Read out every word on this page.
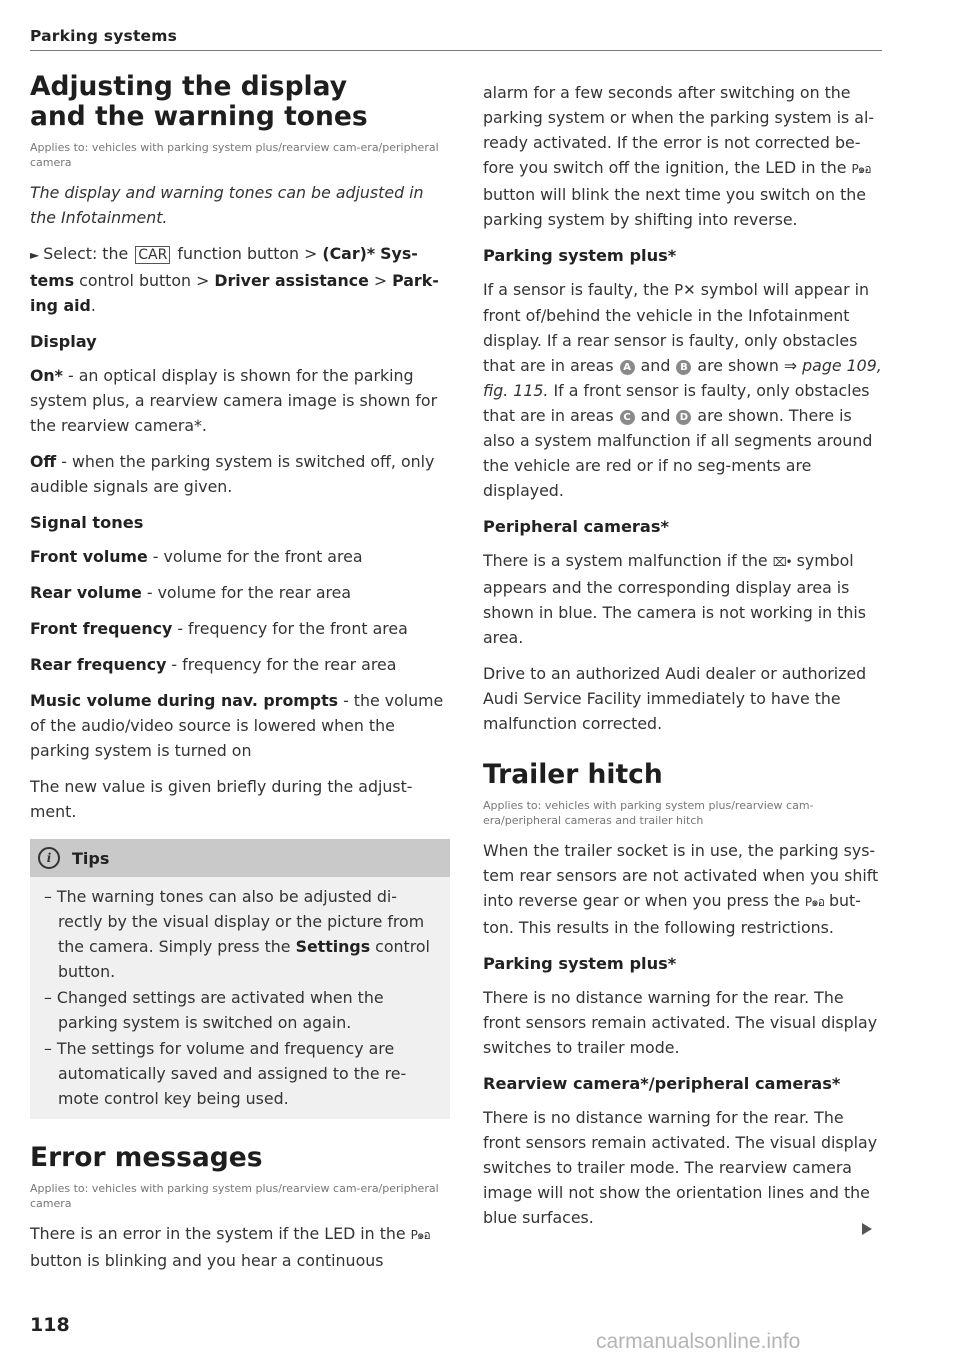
Parking systems
Adjusting the display
and the warning tones
Applies to: vehicles with parking system plus/rearview cam-era/peripheral camera

The display and warning tones can be adjusted in the Infotainment.

► Select: the CAR function button > (Car)* Sys-tems control button > Driver assistance > Park-ing aid.

Display

On* - an optical display is shown for the parking system plus, a rearview camera image is shown for the rearview camera*.

Off - when the parking system is switched off, only audible signals are given.

Signal tones

Front volume - volume for the front area

Rear volume - volume for the rear area

Front frequency - frequency for the front area

Rear frequency - frequency for the rear area

Music volume during nav. prompts - the volume of the audio/video source is lowered when the parking system is turned on

The new value is given briefly during the adjust-ment.

i	Tips
– The warning tones can also be adjusted di-rectly by the visual display or the picture from the camera. Simply press the Settings control button.
– Changed settings are activated when the parking system is switched on again.
– The settings for volume and frequency are automatically saved and assigned to the re-mote control key being used.
Error messages
Applies to: vehicles with parking system plus/rearview cam-era/peripheral camera

There is an error in the system if the LED in the P๑อ button is blinking and you hear a continuous

alarm for a few seconds after switching on the parking system or when the parking system is al-ready activated. If the error is not corrected be-fore you switch off the ignition, the LED in the P๑อ button will blink the next time you switch on the parking system by shifting into reverse.

Parking system plus*

If a sensor is faulty, the P✕ symbol will appear in front of/behind the vehicle in the Infotainment display. If a rear sensor is faulty, only obstacles that are in areas A and B are shown ⇒ page 109, fig. 115. If a front sensor is faulty, only obstacles that are in areas C and D are shown. There is also a system malfunction if all segments around the vehicle are red or if no seg-ments are displayed.

Peripheral cameras*

There is a system malfunction if the ⌧• symbol appears and the corresponding display area is shown in blue. The camera is not working in this area.

Drive to an authorized Audi dealer or authorized Audi Service Facility immediately to have the malfunction corrected.

Trailer hitch
Applies to: vehicles with parking system plus/rearview cam-era/peripheral cameras and trailer hitch

When the trailer socket is in use, the parking sys-tem rear sensors are not activated when you shift into reverse gear or when you press the P๑อ but-ton. This results in the following restrictions.

Parking system plus*

There is no distance warning for the rear. The front sensors remain activated. The visual display switches to trailer mode.

Rearview camera*/peripheral cameras*

There is no distance warning for the rear. The front sensors remain activated. The visual display switches to trailer mode. The rearview camera image will not show the orientation lines and the blue surfaces.

118
carmanualsonline.info
